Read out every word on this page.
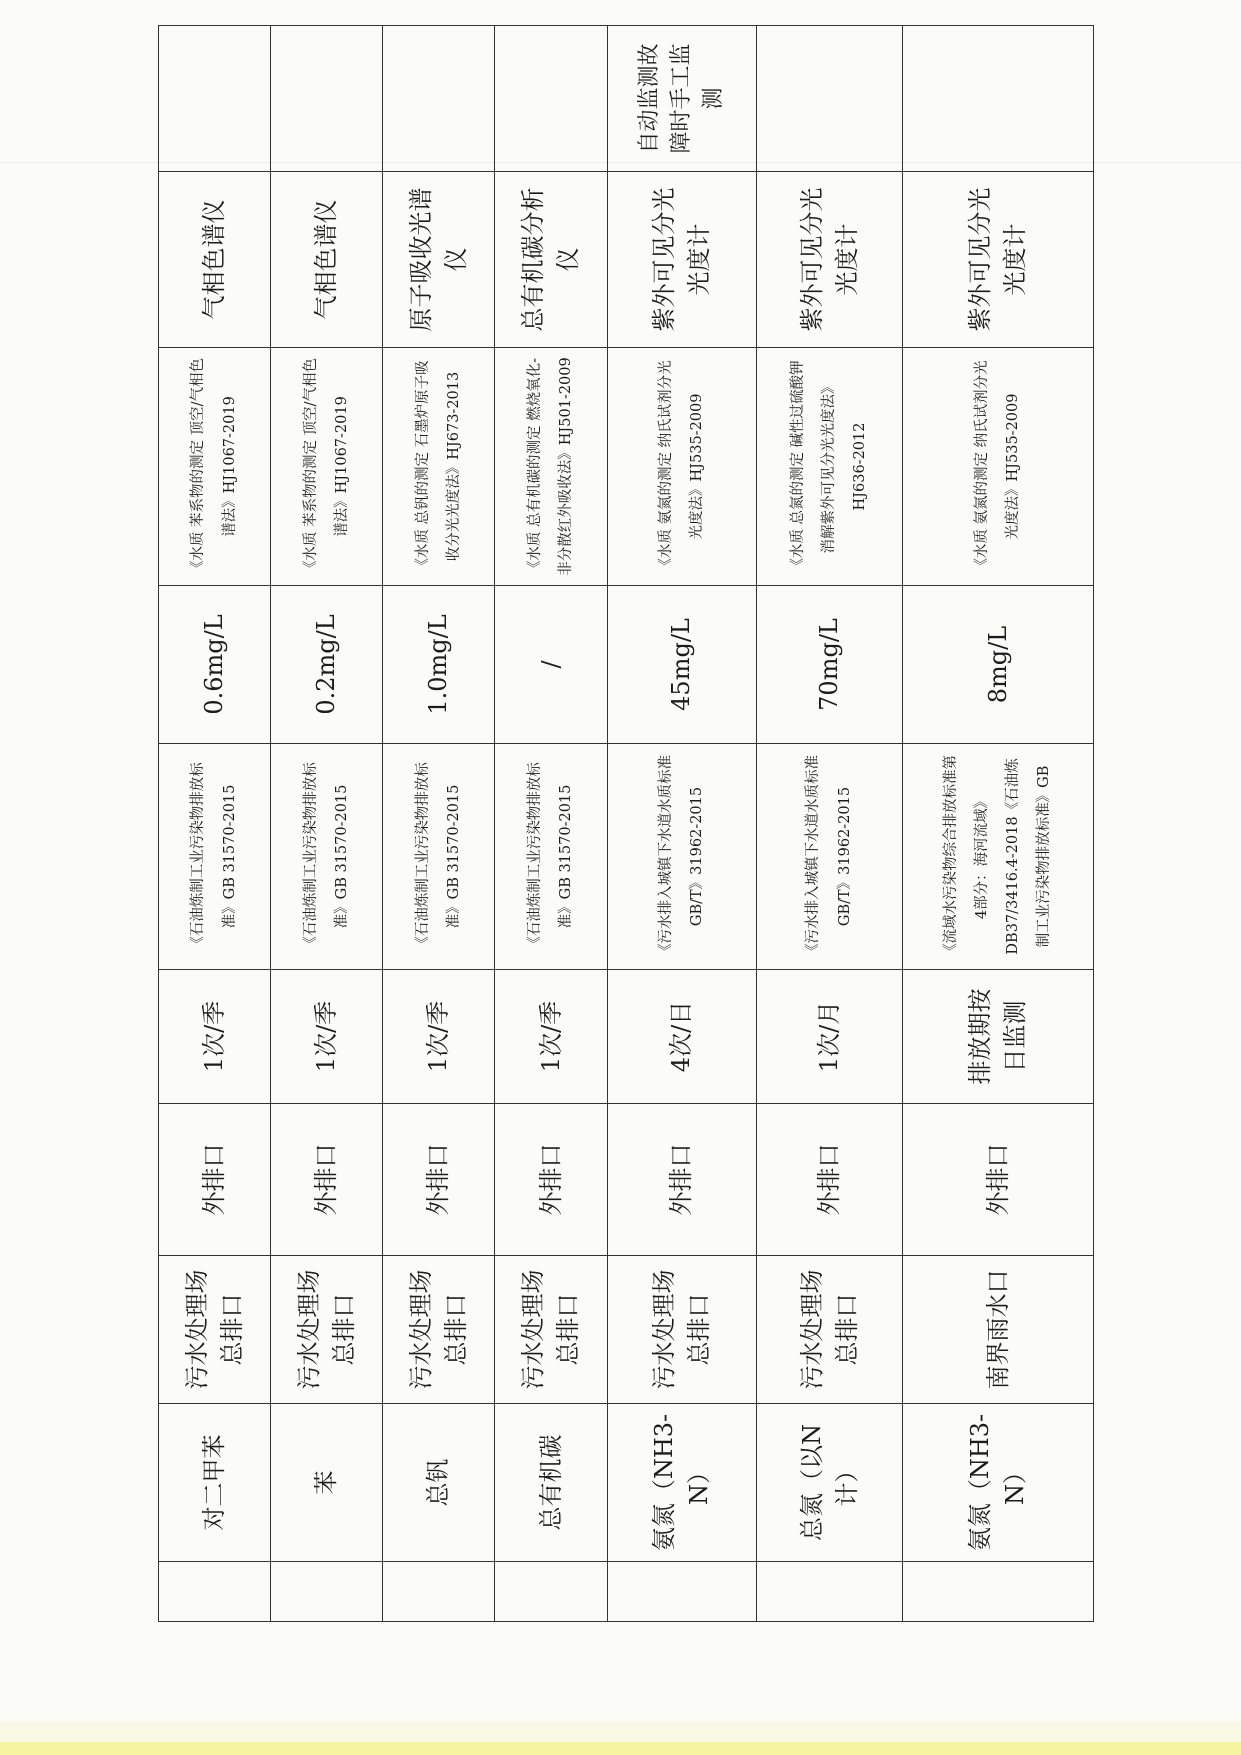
	对二甲苯	污水处理场总排口	外排口	1次/季	《石油炼制工业污染物排放标准》GB 31570-2015	0.6mg/L	《水质 苯系物的测定 顶空/气相色谱法》HJ1067-2019	气相色谱仪	
	苯	污水处理场总排口	外排口	1次/季	《石油炼制工业污染物排放标准》GB 31570-2015	0.2mg/L	《水质 苯系物的测定 顶空/气相色谱法》HJ1067-2019	气相色谱仪	
	总钒	污水处理场总排口	外排口	1次/季	《石油炼制工业污染物排放标准》GB 31570-2015	1.0mg/L	《水质 总钒的测定 石墨炉原子吸收分光光度法》HJ673-2013	原子吸收光谱仪	
	总有机碳	污水处理场总排口	外排口	1次/季	《石油炼制工业污染物排放标准》GB 31570-2015	/	《水质 总有机碳的测定 燃烧氧化-非分散红外吸收法》HJ501-2009	总有机碳分析仪	
	氨氮（NH3-N）	污水处理场总排口	外排口	4次/日	《污水排入城镇下水道水质标准 GB/T》31962-2015	45mg/L	《水质 氨氮的测定 纳氏试剂分光光度法》HJ535-2009	紫外可见分光光度计	自动监测故障时手工监测
	总氮（以N计）	污水处理场总排口	外排口	1次/月	《污水排入城镇下水道水质标准 GB/T》31962-2015	70mg/L	《水质 总氮的测定 碱性过硫酸钾消解紫外可见分光光度法》HJ636-2012	紫外可见分光光度计	
	氨氮（NH3-N）	南界雨水口	外排口	排放期按日监测	《流域水污染物综合排放标准第4部分：海河流域》DB37/3416.4-2018《石油炼制工业污染物排放标准》GB	8mg/L	《水质 氨氮的测定 纳氏试剂分光光度法》HJ535-2009	紫外可见分光光度计	
